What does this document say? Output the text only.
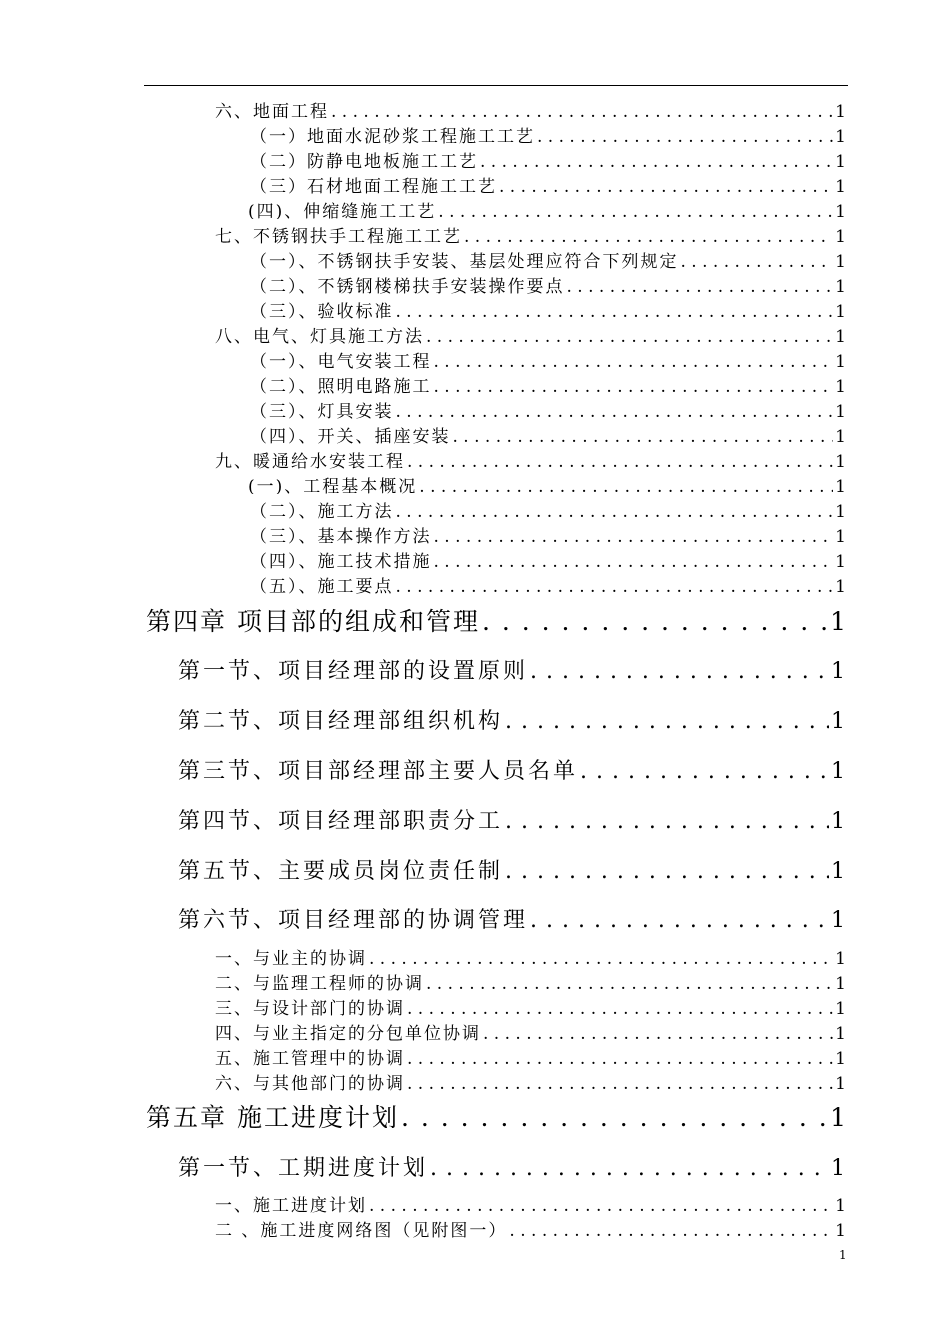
六、地面工程 . . .	1
（一）地面水泥砂浆工程施工工艺 . . .	1
（二）防静电地板施工工艺 . . .	1
（三）石材地面工程施工工艺 . . .	1
(四)、伸缩缝施工工艺 . . .	1
七、不锈钢扶手工程施工工艺 . . .	1
（一）、不锈钢扶手安装、基层处理应符合下列规定 . . .	1
（二）、不锈钢楼梯扶手安装操作要点 . . .	1
（三）、验收标准 . . .	1
八、电气、灯具施工方法 . . .	1
（一）、电气安装工程 . . .	1
（二）、照明电路施工 . . .	1
（三）、灯具安装 . . .	1
（四）、开关、插座安装 . . .	1
九、暖通给水安装工程 . . .	1
(一)、工程基本概况 . . .	1
（二）、施工方法 . . .	1
（三）、基本操作方法 . . .	1
（四）、施工技术措施 . . .	1
（五）、施工要点 . . .	1
第四章 项目部的组成和管理 . . .	1
第一节、项目经理部的设置原则 . . .	1
第二节、项目经理部组织机构 . . .	1
第三节、项目部经理部主要人员名单 . . .	1
第四节、项目经理部职责分工 . . .	1
第五节、主要成员岗位责任制 . . .	1
第六节、项目经理部的协调管理 . . .	1
一、与业主的协调 . . .	1
二、与监理工程师的协调 . . .	1
三、与设计部门的协调 . . .	1
四、与业主指定的分包单位协调 . . .	1
五、施工管理中的协调 . . .	1
六、与其他部门的协调 . . .	1
第五章 施工进度计划 . . .	1
第一节、工期进度计划 . . .	1
一、施工进度计划 . . .	1
二 、施工进度网络图（见附图一） . . .	1
1
